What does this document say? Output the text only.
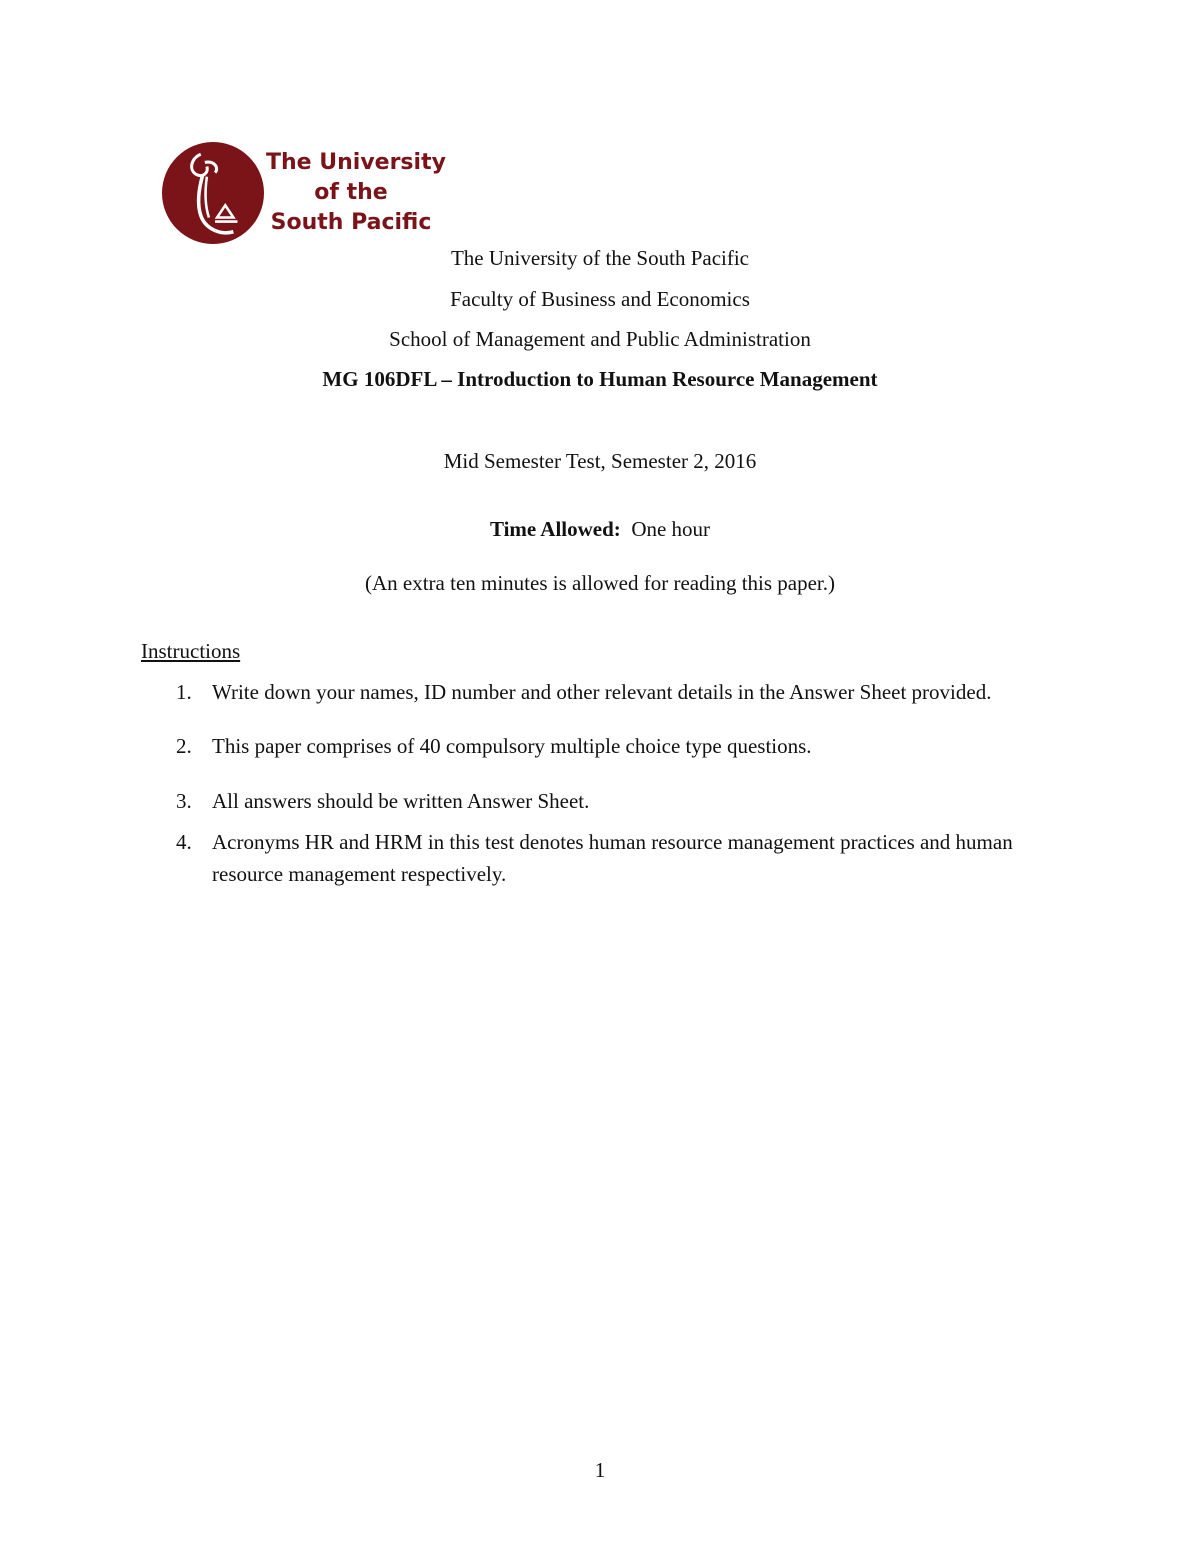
The University
of the
South Pacific
The University of the South Pacific
Faculty of Business and Economics
School of Management and Public Administration
MG 106DFL – Introduction to Human Resource Management
Mid Semester Test, Semester 2, 2016
Time Allowed: One hour
(An extra ten minutes is allowed for reading this paper.)
Instructions
1. Write down your names, ID number and other relevant details in the Answer Sheet provided.
2. This paper comprises of 40 compulsory multiple choice type questions.
3. All answers should be written Answer Sheet.
4. Acronyms HR and HRM in this test denotes human resource management practices and human resource management respectively.
1
